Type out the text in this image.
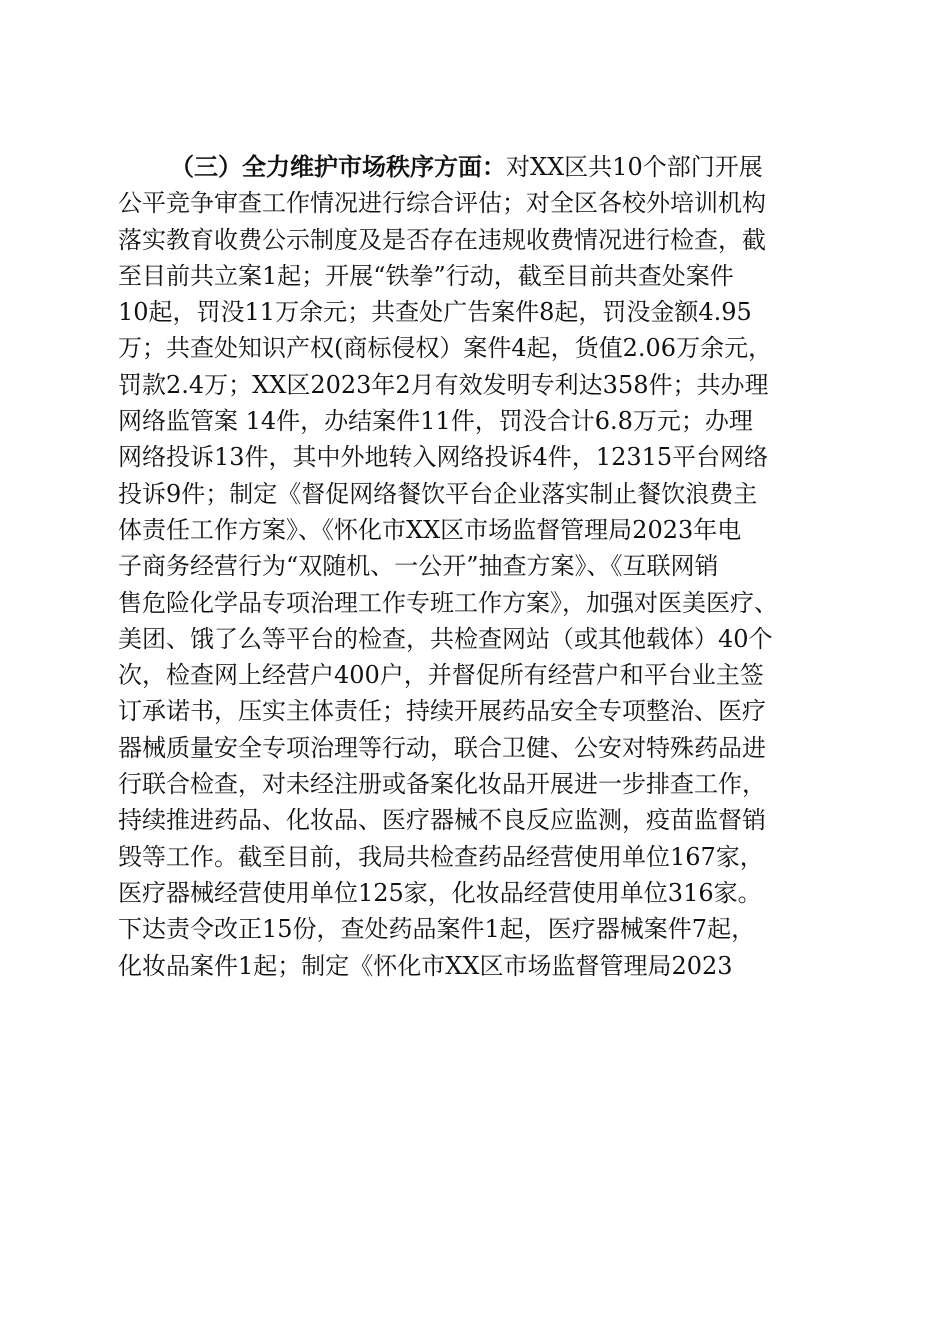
（三）全力维护市场秩序方面：对XX区共10个部门开展
公平竞争审查工作情况进行综合评估；对全区各校外培训机构
落实教育收费公示制度及是否存在违规收费情况进行检查，截
至目前共立案1起；开展“铁拳”行动，截至目前共查处案件
10起，罚没11万余元；共查处广告案件8起，罚没金额4.95
万；共查处知识产权(商标侵权）案件4起，货值2.06万余元，
罚款2.4万；XX区2023年2月有效发明专利达358件；共办理
网络监管案 14件，办结案件11件，罚没合计6.8万元；办理
网络投诉13件，其中外地转入网络投诉4件，12315平台网络
投诉9件；制定《督促网络餐饮平台企业落实制止餐饮浪费主
体责任工作方案》、《怀化市XX区市场监督管理局2023年电
子商务经营行为“双随机、一公开”抽查方案》、《互联网销
售危险化学品专项治理工作专班工作方案》，加强对医美医疗、
美团、饿了么等平台的检查，共检查网站（或其他载体）40个
次，检查网上经营户400户，并督促所有经营户和平台业主签
订承诺书，压实主体责任；持续开展药品安全专项整治、医疗
器械质量安全专项治理等行动，联合卫健、公安对特殊药品进
行联合检查，对未经注册或备案化妆品开展进一步排查工作，
持续推进药品、化妆品、医疗器械不良反应监测，疫苗监督销
毁等工作。截至目前，我局共检查药品经营使用单位167家，
医疗器械经营使用单位125家，化妆品经营使用单位316家。
下达责令改正15份，查处药品案件1起，医疗器械案件7起，
化妆品案件1起；制定《怀化市XX区市场监督管理局2023
